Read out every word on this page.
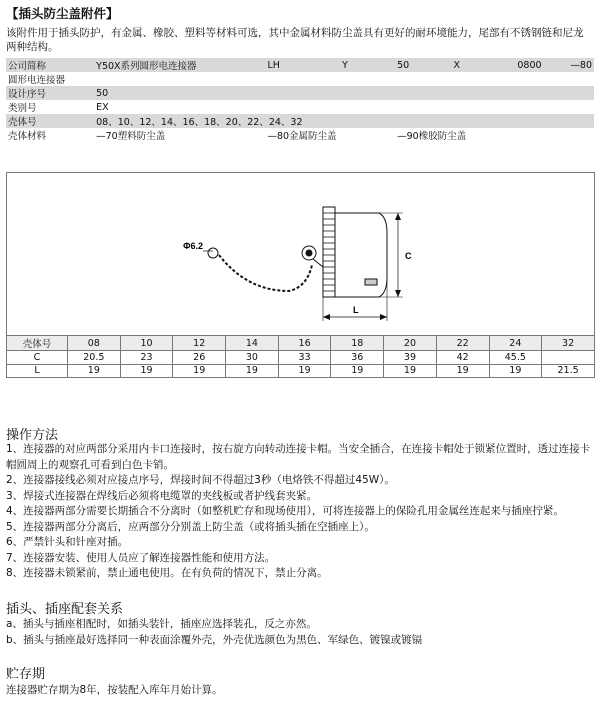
【插头防尘盖附件】
该附件用于插头防护，有金属、橡胶、塑料等材料可选，其中金属材料防尘盖具有更好的耐环境能力，尾部有不锈钢链和尼龙两种结构。
公司简称	Y50X系列圆形电连接器	LH	Y	50	X	0800	—80
圆形电连接器							
设计序号	50						
类别号	EX						
壳体号	08、10、12、14、16、18、20、22、24、32						
壳体材料	—70塑料防尘盖	—80金属防尘盖		—90橡胶防尘盖			
Φ6.2
C
L
壳体号	08	10	12	14	16	18	20	22	24	32
C	20.5	23	26	30	33	36	39	42	45.5	
L	19	19	19	19	19	19	19	19	19	21.5
操作方法
1、连接器的对应两部分采用内卡口连接时，按右旋方向转动连接卡帽。当安全插合，在连接卡帽处于锁紧位置时，透过连接卡帽圆周上的观察孔可看到白色卡销。
2、连接器接线必须对应接点序号，焊接时间不得超过3秒（电烙铁不得超过45W）。
3、焊接式连接器在焊线后必须将电缆罩的夹线板或者护线套夹紧。
4、连接器两部分需要长期插合不分离时（如整机贮存和现场使用），可将连接器上的保险孔用金属丝连起来与插座拧紧。
5、连接器两部分分离后，应两部分分别盖上防尘盖（或将插头插在空插座上）。
6、严禁针头和针座对插。
7、连接器安装、使用人员应了解连接器性能和使用方法。
8、连接器未锁紧前，禁止通电使用。在有负荷的情况下，禁止分离。
插头、插座配套关系
a、插头与插座相配时，如插头装针，插座应选择装孔，反之亦然。
b、插头与插座最好选择同一种表面涂覆外壳，外壳优选颜色为黑色、军绿色、镀镍或镀镉
贮存期
连接器贮存期为8年，按装配入库年月始计算。
